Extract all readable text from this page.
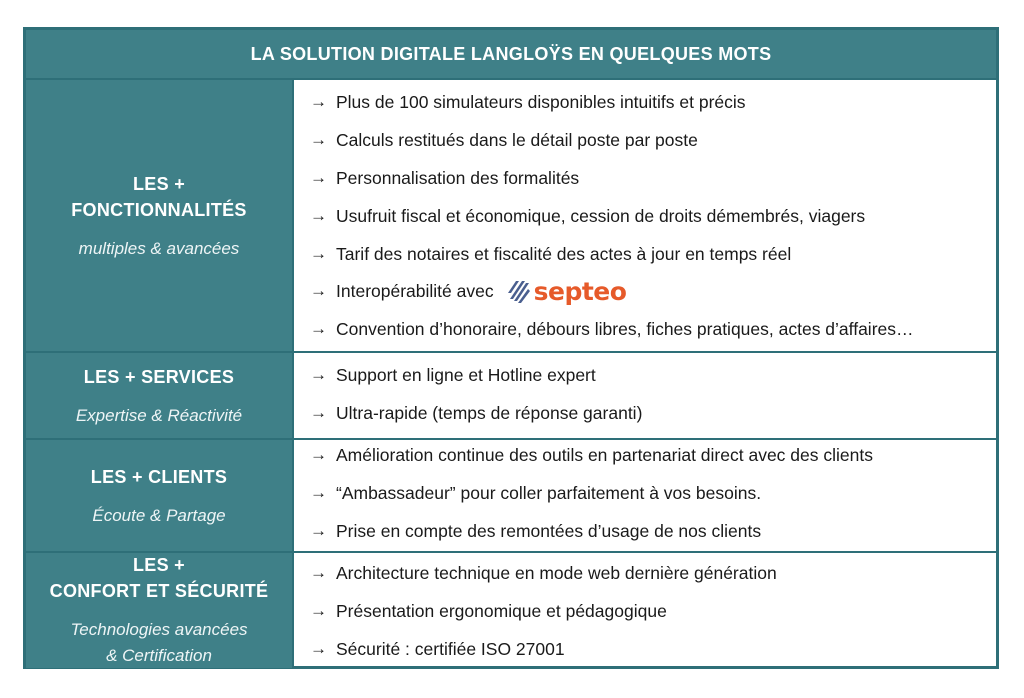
LA SOLUTION DIGITALE LANGLOŸS EN QUELQUES MOTS
LES +
FONCTIONNALITÉS
multiples & avancées
→ Plus de 100 simulateurs disponibles intuitifs et précis
→ Calculs restitués dans le détail poste par poste
→ Personnalisation des formalités
→ Usufruit fiscal et économique, cession de droits démembrés, viagers
→ Tarif des notaires et fiscalité des actes à jour en temps réel
→ Interopérabilité avec septeo
→ Convention d’honoraire, débours libres, fiches pratiques, actes d’affaires…
LES + SERVICES
Expertise & Réactivité
→ Support en ligne et Hotline expert
→ Ultra-rapide (temps de réponse garanti)
LES + CLIENTS
Écoute & Partage
→ Amélioration continue des outils en partenariat direct avec des clients
→ “Ambassadeur” pour coller parfaitement à vos besoins.
→ Prise en compte des remontées d’usage de nos clients
LES +
CONFORT ET SÉCURITÉ
Technologies avancées
& Certification
→ Architecture technique en mode web dernière génération
→ Présentation ergonomique et pédagogique
→ Sécurité : certifiée ISO 27001
